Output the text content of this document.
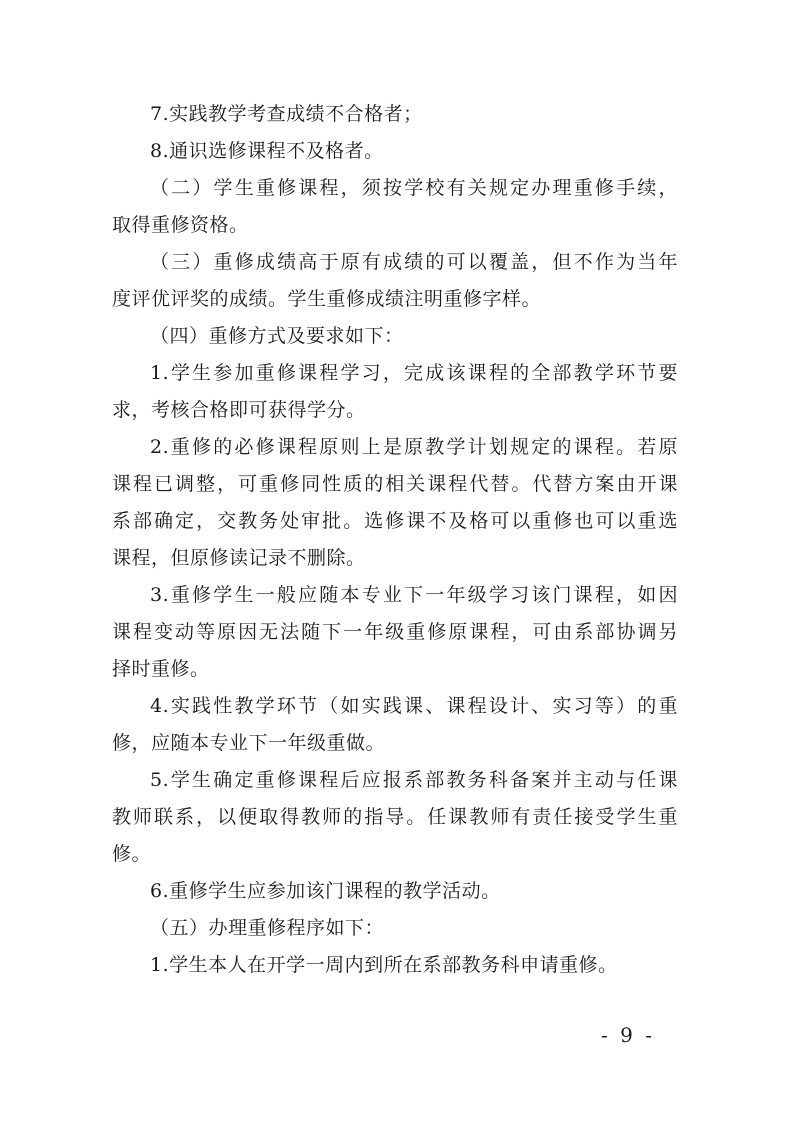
7.实践教学考查成绩不合格者；
8.通识选修课程不及格者。
（二）学生重修课程，须按学校有关规定办理重修手续，
取得重修资格。
（三）重修成绩高于原有成绩的可以覆盖，但不作为当年
度评优评奖的成绩。学生重修成绩注明重修字样。
（四）重修方式及要求如下：
1.学生参加重修课程学习，完成该课程的全部教学环节要
求，考核合格即可获得学分。
2.重修的必修课程原则上是原教学计划规定的课程。若原
课程已调整，可重修同性质的相关课程代替。代替方案由开课
系部确定，交教务处审批。选修课不及格可以重修也可以重选
课程，但原修读记录不删除。
3.重修学生一般应随本专业下一年级学习该门课程，如因
课程变动等原因无法随下一年级重修原课程，可由系部协调另
择时重修。
4.实践性教学环节（如实践课、课程设计、实习等）的重
修，应随本专业下一年级重做。
5.学生确定重修课程后应报系部教务科备案并主动与任课
教师联系，以便取得教师的指导。任课教师有责任接受学生重
修。
6.重修学生应参加该门课程的教学活动。
（五）办理重修程序如下：
1.学生本人在开学一周内到所在系部教务科申请重修。
- 9 -
